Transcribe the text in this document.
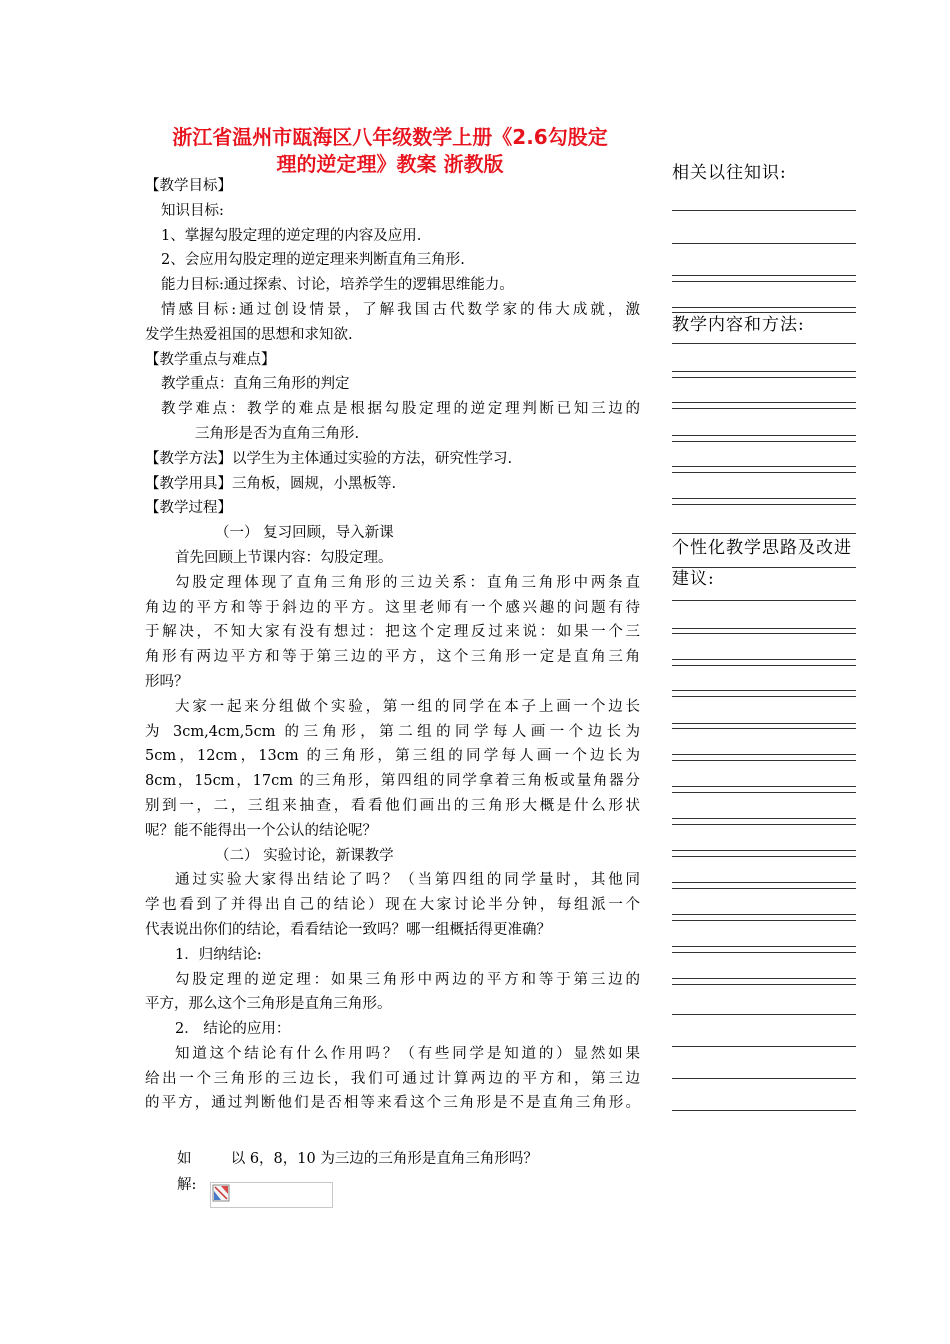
浙江省温州市瓯海区八年级数学上册《2.6勾股定
理的逆定理》教案 浙教版
【教学目标】
知识目标:
1、掌握勾股定理的逆定理的内容及应用.
2、会应用勾股定理的逆定理来判断直角三角形.
能力目标:通过探索、讨论，培养学生的逻辑思维能力。
情感目标:通过创设情景，了解我国古代数学家的伟大成就，激
发学生热爱祖国的思想和求知欲.
【教学重点与难点】
教学重点：直角三角形的判定
教学难点：教学的难点是根据勾股定理的逆定理判断已知三边的
三角形是否为直角三角形.
【教学方法】以学生为主体通过实验的方法，研究性学习.
【教学用具】三角板，圆规，小黑板等.
【教学过程】
（一） 复习回顾，导入新课
首先回顾上节课内容：勾股定理。
勾股定理体现了直角三角形的三边关系：直角三角形中两条直
角边的平方和等于斜边的平方。这里老师有一个感兴趣的问题有待
于解决，不知大家有没有想过：把这个定理反过来说：如果一个三
角形有两边平方和等于第三边的平方，这个三角形一定是直角三角
形吗？
大家一起来分组做个实验，第一组的同学在本子上画一个边长
为 3cm,4cm,5cm 的三角形，第二组的同学每人画一个边长为
5cm，12cm，13cm 的三角形，第三组的同学每人画一个边长为
8cm，15cm，17cm 的三角形，第四组的同学拿着三角板或量角器分
别到一，二，三组来抽查，看看他们画出的三角形大概是什么形状
呢？能不能得出一个公认的结论呢？
（二） 实验讨论，新课教学
通过实验大家得出结论了吗？（当第四组的同学量时，其他同
学也看到了并得出自己的结论）现在大家讨论半分钟，每组派一个
代表说出你们的结论，看看结论一致吗？哪一组概括得更准确？
1．归纳结论:
勾股定理的逆定理：如果三角形中两边的平方和等于第三边的
平方，那么这个三角形是直角三角形。
2． 结论的应用：
知道这个结论有什么作用吗？（有些同学是知道的）显然如果
给出一个三角形的三边长，我们可通过计算两边的平方和，第三边
的平方，通过判断他们是否相等来看这个三角形是不是直角三角形。
如	以 6，8，10 为三边的三角形是直角三角形吗？
解:
相关以往知识:
教学内容和方法:
个性化教学思路及改进
建议:
